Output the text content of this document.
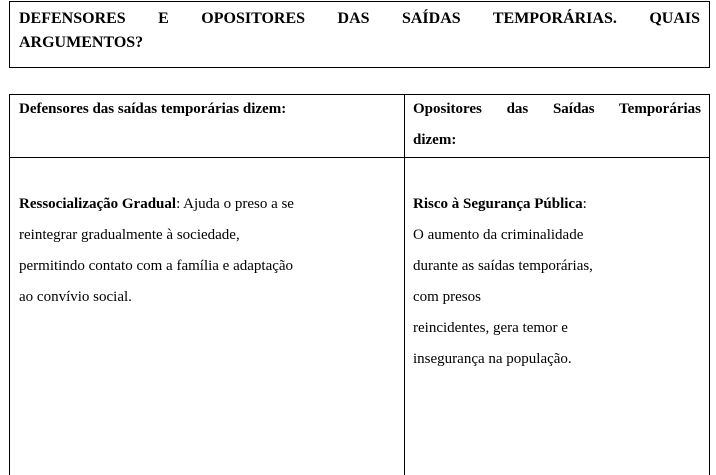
DEFENSORES E OPOSITORES DAS SAÍDAS TEMPORÁRIAS. QUAIS
ARGUMENTOS?
Defensores das saídas temporárias dizem:	Opositores das Saídas Temporárias
dizem:
Ressocialização Gradual: Ajuda o preso a se
reintegrar gradualmente à sociedade,
permitindo contato com a família e adaptação
ao convívio social.
Risco à Segurança Pública:
O aumento da criminalidade
durante as saídas temporárias,
com presos
reincidentes, gera temor e
insegurança na população.
